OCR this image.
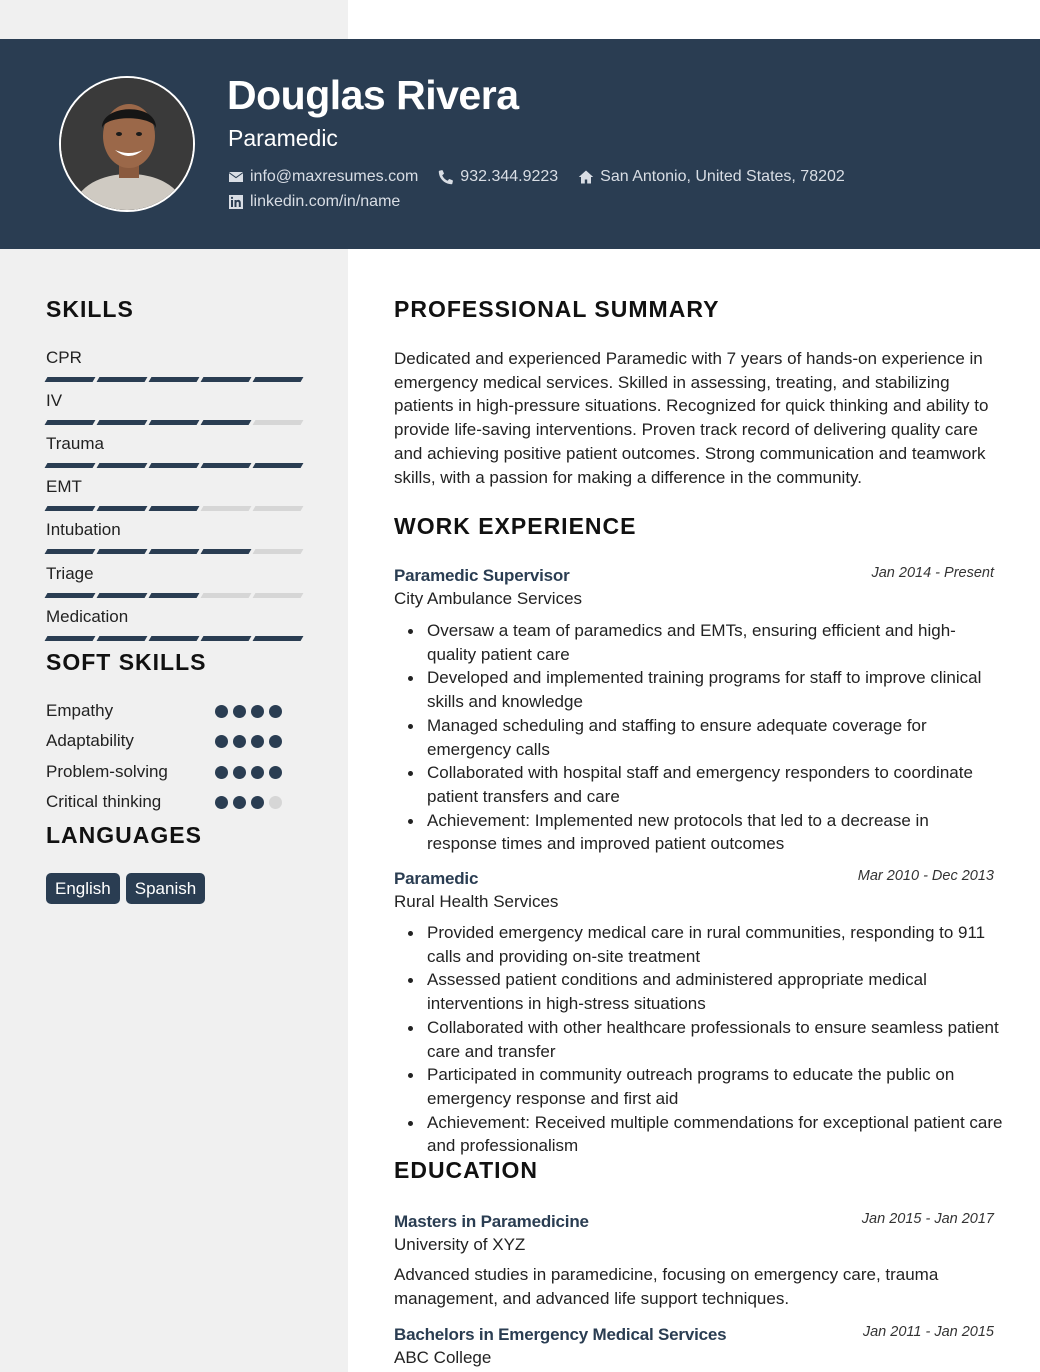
Douglas Rivera
Paramedic
info@maxresumes.com	932.344.9223	San Antonio, United States, 78202
linkedin.com/in/name
SKILLS
CPR
IV
Trauma
EMT
Intubation
Triage
Medication
SOFT SKILLS
Empathy
Adaptability
Problem-solving
Critical thinking
LANGUAGES
English	Spanish
PROFESSIONAL SUMMARY
Dedicated and experienced Paramedic with 7 years of hands-on experience in emergency medical services. Skilled in assessing, treating, and stabilizing patients in high-pressure situations. Recognized for quick thinking and ability to provide life-saving interventions. Proven track record of delivering quality care and achieving positive patient outcomes. Strong communication and teamwork skills, with a passion for making a difference in the community.
WORK EXPERIENCE
Paramedic Supervisor	Jan 2014 - Present
City Ambulance Services
Oversaw a team of paramedics and EMTs, ensuring efficient and high-quality patient care
Developed and implemented training programs for staff to improve clinical skills and knowledge
Managed scheduling and staffing to ensure adequate coverage for emergency calls
Collaborated with hospital staff and emergency responders to coordinate patient transfers and care
Achievement: Implemented new protocols that led to a decrease in response times and improved patient outcomes
Paramedic	Mar 2010 - Dec 2013
Rural Health Services
Provided emergency medical care in rural communities, responding to 911 calls and providing on-site treatment
Assessed patient conditions and administered appropriate medical interventions in high-stress situations
Collaborated with other healthcare professionals to ensure seamless patient care and transfer
Participated in community outreach programs to educate the public on emergency response and first aid
Achievement: Received multiple commendations for exceptional patient care and professionalism
EDUCATION
Masters in Paramedicine	Jan 2015 - Jan 2017
University of XYZ
Advanced studies in paramedicine, focusing on emergency care, trauma management, and advanced life support techniques.
Bachelors in Emergency Medical Services	Jan 2011 - Jan 2015
ABC College
